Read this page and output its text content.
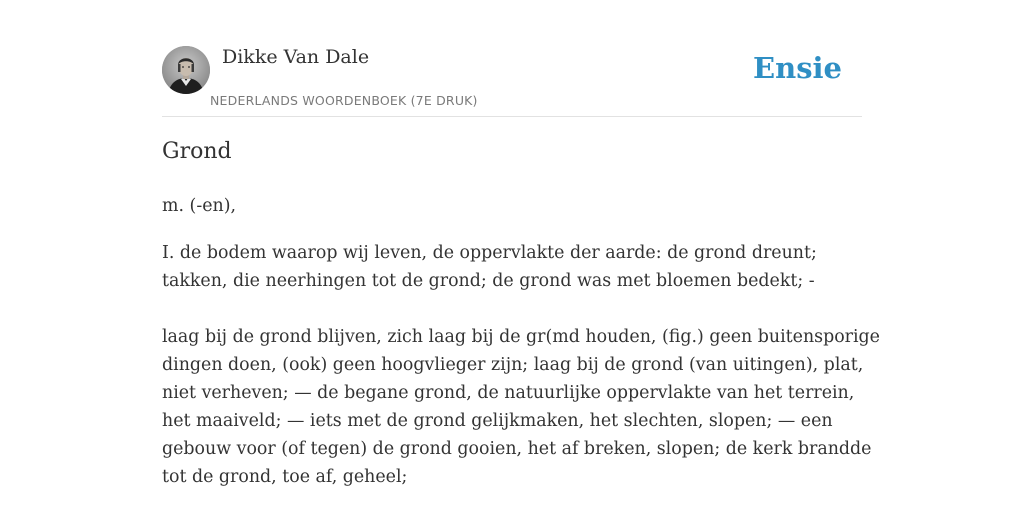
Dikke Van Dale
NEDERLANDS WOORDENBOEK (7E DRUK)
Ensie
Grond

m. (-en),

I. de bodem waarop wij leven, de oppervlakte der aarde: de grond dreunt; takken, die neerhingen tot de grond; de grond was met bloemen bedekt; -

laag bij de grond blijven, zich laag bij de gr(md houden, (fig.) geen buitensporige dingen doen, (ook) geen hoogvlieger zijn; laag bij de grond (van uitingen), plat, niet verheven; — de begane grond, de natuurlijke oppervlakte van het terrein, het maaiveld; — iets met de grond gelijkmaken, het slechten, slopen; — een gebouw voor (of tegen) de grond gooien, het af breken, slopen; de kerk brandde tot de grond, toe af, geheel;
